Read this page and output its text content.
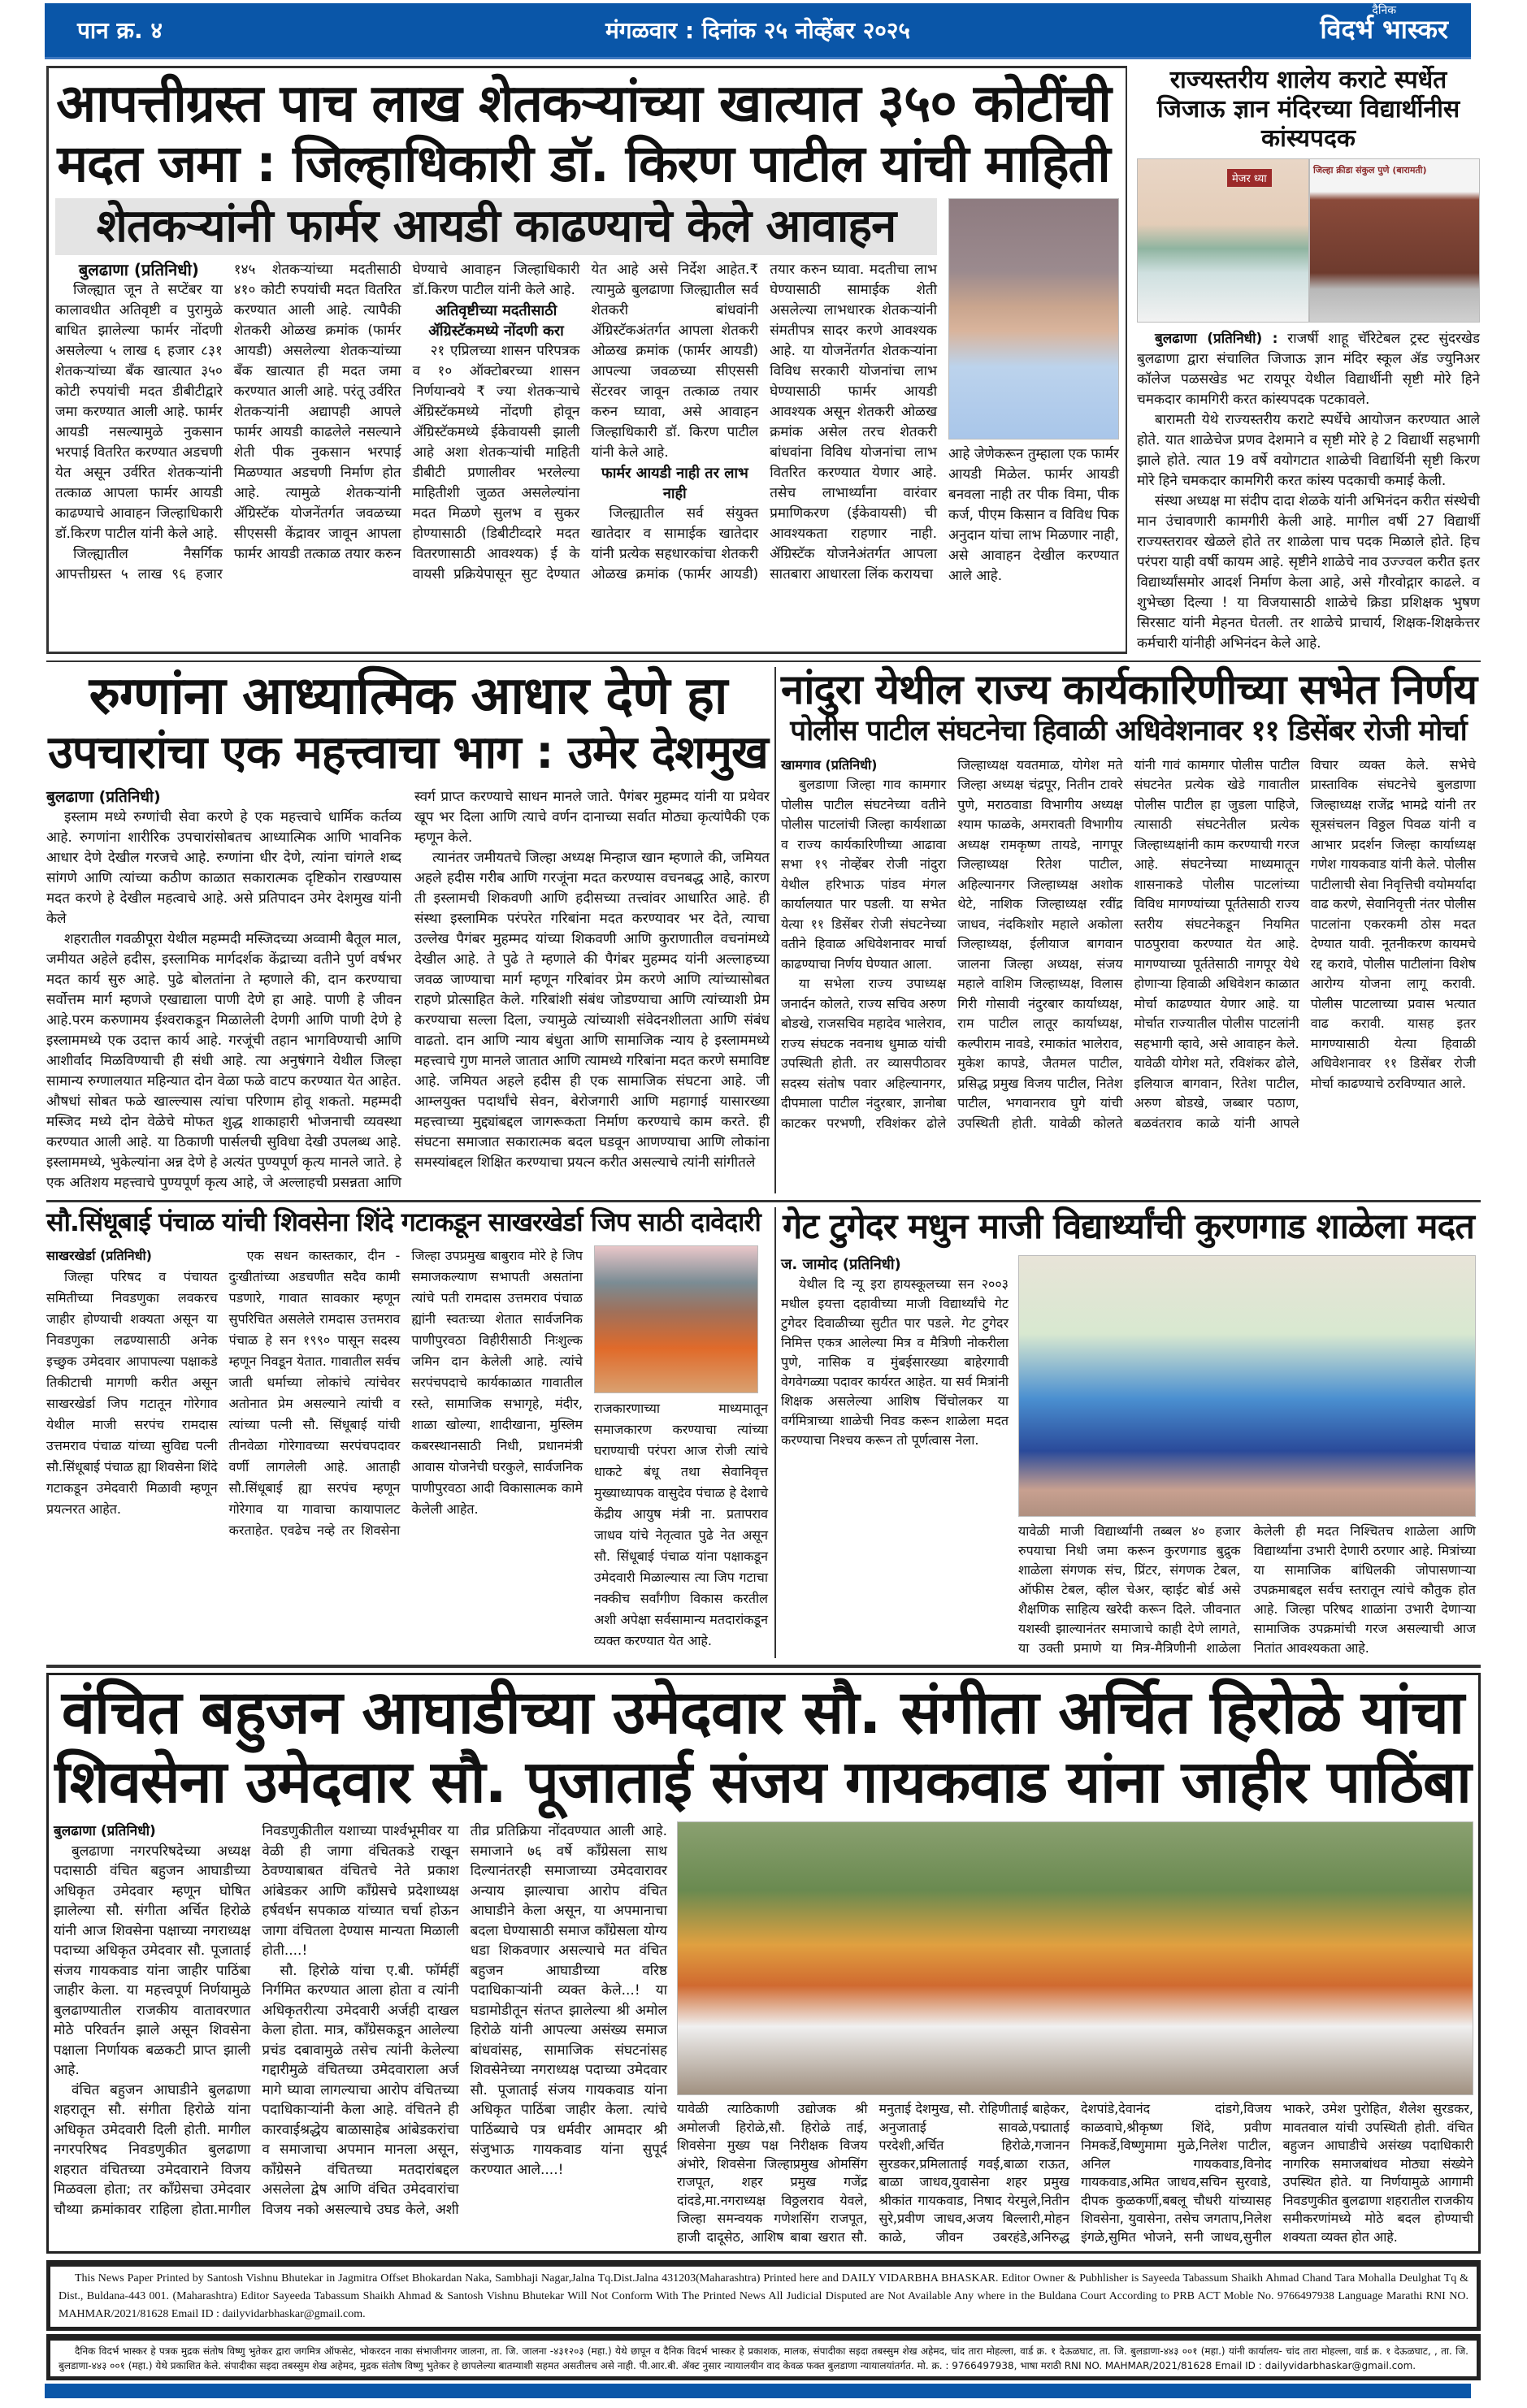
पान क्र. ४	मंगळवार : दिनांक २५ नोव्हेंबर २०२५
दैनिक
विदर्भ भास्कर
आपत्तीग्रस्त पाच लाख शेतकऱ्यांच्या खात्यात ३५० कोटींची
मदत जमा : जिल्हाधिकारी डॉ. किरण पाटील यांची माहिती
शेतकऱ्यांनी फार्मर आयडी काढण्याचे केले आवाहन

बुलढाणा (प्रतिनिधी)

जिल्ह्यात जून ते सप्टेंबर या कालावधीत अतिवृष्टी व पुरामुळे बाधित झालेल्या फार्मर नोंदणी असलेल्या ५ लाख ६ हजार ८३१ शेतकऱ्यांच्या बँक खात्यात ३५० कोटी रुपयांची मदत डीबीटीद्वारे जमा करण्यात आली आहे. फार्मर आयडी नसल्यामुळे नुकसान भरपाई वितरित करण्यात अडचणी येत असून उर्वरित शेतकऱ्यांनी तत्काळ आपला फार्मर आयडी काढण्याचे आवाहन जिल्हाधिकारी डॉ.किरण पाटील यांनी केले आहे.

जिल्ह्यातील नैसर्गिक आपत्तीग्रस्त ५ लाख ९६ हजार १४५ शेतकऱ्यांच्या मदतीसाठी ४१० कोटी रुपयांची मदत वितरित करण्यात आली आहे. त्यापैकी शेतकरी ओळख क्रमांक (फार्मर आयडी) असलेल्या शेतकऱ्यांच्या बँक खात्यात ही मदत जमा करण्यात आली आहे. परंतू उर्वरित शेतकऱ्यांनी अद्यापही आपले फार्मर आयडी काढलेले नसल्याने शेती पीक नुकसान भरपाई मिळण्यात अडचणी निर्माण होत आहे. त्यामुळे शेतकऱ्यांनी ॲग्रिस्टॅक योजनेंतर्गत जवळच्या सीएससी केंद्रावर जावून आपला फार्मर आयडी तत्काळ तयार करुन घेण्याचे आवाहन जिल्हाधिकारी डॉ.किरण पाटील यांनी केले आहे.

अतिवृष्टीच्या मदतीसाठी ॲग्रिस्टॅकमध्ये नोंदणी करा

२१ एप्रिलच्या शासन परिपत्रक व १० ऑक्टोबरच्या शासन निर्णयान्वये ₹ ज्या शेतकऱ्याचे ॲग्रिस्टॅकमध्ये नोंदणी होवून ॲग्रिस्टॅकमध्ये ईकेवायसी झाली आहे अशा शेतकऱ्यांची माहिती डीबीटी प्रणालीवर भरलेल्या माहितीशी जुळत असलेल्यांना मदत मिळणे सुलभ व सुकर होण्यासाठी (डिबीटीव्दारे मदत वितरणासाठी आवश्यक) ई के वायसी प्रक्रियेपासून सुट देण्यात येत आहे असे निर्देश आहेत.₹ त्यामुळे बुलढाणा जिल्ह्यातील सर्व शेतकरी बांधवांनी ॲग्रिस्टॅकअंतर्गत आपला शेतकरी ओळख क्रमांक (फार्मर आयडी) आपल्या जवळच्या सीएससी सेंटरवर जावून तत्काळ तयार करुन घ्यावा, असे आवाहन जिल्हाधिकारी डॉ. किरण पाटील यांनी केले आहे.

फार्मर आयडी नाही तर लाभ नाही

जिल्ह्यातील सर्व संयुक्त खातेदार व सामाईक खातेदार यांनी प्रत्येक सहधारकांचा शेतकरी ओळख क्रमांक (फार्मर आयडी) तयार करुन घ्यावा. मदतीचा लाभ घेण्यासाठी सामाईक शेती असलेल्या लाभधारक शेतकऱ्यांनी संमतीपत्र सादर करणे आवश्यक आहे. या योजनेंतर्गत शेतकऱ्यांना विविध सरकारी योजनांचा लाभ घेण्यासाठी फार्मर आयडी आवश्यक असून शेतकरी ओळख क्रमांक असेल तरच शेतकरी बांधवांना विविध योजनांचा लाभ वितरित करण्यात येणार आहे. तसेच लाभार्थ्यांना वारंवार प्रमाणिकरण (ईकेवायसी) ची आवश्यकता राहणार नाही. ॲग्रिस्टॅक योजनेअंतर्गत आपला सातबारा आधारला लिंक करायचा

आहे जेणेकरून तुम्हाला एक फार्मर आयडी मिळेल. फार्मर आयडी बनवला नाही तर पीक विमा, पीक कर्ज, पीएम किसान व विविध पिक अनुदान यांचा लाभ मिळणार नाही, असे आवाहन देखील करण्यात आले आहे.

राज्यस्तरीय शालेय कराटे स्पर्धेत जिजाऊ ज्ञान मंदिरच्या विद्यार्थीनीस कांस्यपदक
मेजर ध्या
जिल्हा क्रीडा संकुल पुणे (बारामती)

बुलढाणा (प्रतिनिधी) : राजर्षी शाहू चॅरिटेबल ट्रस्ट सुंदरखेड बुलढाणा द्वारा संचालित जिजाऊ ज्ञान मंदिर स्कूल ॲड ज्युनिअर कॉलेज पळसखेड भट रायपूर येथील विद्यार्थीनी सृष्टी मोरे हिने चमकदार कामगिरी करत कांस्यपदक पटकावले.

बारामती येथे राज्यस्तरीय कराटे स्पर्धेचे आयोजन करण्यात आले होते. यात शाळेचेज प्रणव देशमाने व सृष्टी मोरे हे 2 विद्यार्थी सहभागी झाले होते. त्यात 19 वर्षे वयोगटात शाळेची विद्यार्थिनी सृष्टी किरण मोरे हिने चमकदार कामगिरी करत कांस्य पदकाची कमाई केली.

संस्था अध्यक्ष मा संदीप दादा शेळके यांनी अभिनंदन करीत संस्थेची मान उंचावणारी कामगीरी केली आहे. मागील वर्षी 27 विद्यार्थी राज्यस्तरावर खेळले होते तर शाळेला पाच पदक मिळाले होते. हिच परंपरा याही वर्षी कायम आहे. सृष्टीने शाळेचे नाव उज्ज्वल करीत इतर विद्यार्थ्यांसमोर आदर्श निर्माण केला आहे, असे गौरवोद्गार काढले. व शुभेच्छा दिल्या ! या विजयासाठी शाळेचे क्रिडा प्रशिक्षक भुषण सिरसाट यांनी मेहनत घेतली. तर शाळेचे प्राचार्य, शिक्षक-शिक्षकेत्तर कर्मचारी यांनीही अभिनंदन केले आहे.

रुग्णांना आध्यात्मिक आधार देणे हा
उपचारांचा एक महत्त्वाचा भाग : उमेर देशमुख

बुलढाणा (प्रतिनिधी)

इस्लाम मध्ये रुग्णांची सेवा करणे हे एक महत्त्वाचे धार्मिक कर्तव्य आहे. रुगणांना शारीरिक उपचारांसोबतच आध्यात्मिक आणि भावनिक आधार देणे देखील गरजचे आहे. रुग्णांना धीर देणे, त्यांना चांगले शब्द सांगणे आणि त्यांच्या कठीण काळात सकारात्मक दृष्टिकोन राखण्यास मदत करणे हे देखील महत्वाचे आहे. असे प्रतिपादन उमेर देशमुख यांनी केले

शहरातील गवळीपूरा येथील महम्मदी मस्जिदच्या अव्वामी बैतूल माल, जमीयत अहेले हदीस, इस्लामिक मार्गदर्शक केंद्राच्या वतीने पुर्ण वर्षभर मदत कार्य सुरु आहे. पुढे बोलतांना ते म्हणाले की, दान करण्याचा सर्वोत्तम मार्ग म्हणजे एखाद्याला पाणी देणे हा आहे. पाणी हे जीवन आहे.परम करुणामय ईश्वराकडून मिळालेली देणगी आणि पाणी देणे हे इस्लाममध्ये एक उदात्त कार्य आहे. गरजूंची तहान भागविण्याची आणि आशीर्वाद मिळविण्याची ही संधी आहे. त्या अनुषंगाने येथील जिल्हा सामान्य रुग्णालयात महिन्यात दोन वेळा फळे वाटप करण्यात येत आहेत. औषधां सोबत फळे खाल्ल्यास त्यांचा परिणाम होवू शकतो. महम्मदी मस्जिद मध्ये दोन वेळेचे मोफत शुद्ध शाकाहारी भोजनाची व्यवस्था करण्यात आली आहे. या ठिकाणी पार्सलची सुविधा देखी उपलब्ध आहे. इस्लाममध्ये, भुकेल्यांना अन्न देणे हे अत्यंत पुण्यपूर्ण कृत्य मानले जाते. हे एक अतिशय महत्त्वाचे पुण्यपूर्ण कृत्य आहे, जे अल्लाहची प्रसन्नता आणि स्वर्ग प्राप्त करण्याचे साधन मानले जाते. पैगंबर मुहम्मद यांनी या प्रथेवर खूप भर दिला आणि त्याचे वर्णन दानाच्या सर्वात मोठ्या कृत्यांपैकी एक म्हणून केले.

त्यानंतर जमीयतचे जिल्हा अध्यक्ष मिन्हाज खान म्हणाले की, जमियत अहले हदीस गरीब आणि गरजूंना मदत करण्यास वचनबद्ध आहे, कारण ती इस्लामची शिकवणी आणि हदीसच्या तत्त्वांवर आधारित आहे. ही संस्था इस्लामिक परंपरेत गरिबांना मदत करण्यावर भर देते, त्याचा उल्लेख पैगंबर मुहम्मद यांच्या शिकवणी आणि कुराणातील वचनांमध्ये देखील आहे. ते पुढे ते म्हणाले की पैगंबर मुहम्मद यांनी अल्लाहच्या जवळ जाण्याचा मार्ग म्हणून गरिबांवर प्रेम करणे आणि त्यांच्यासोबत राहणे प्रोत्साहित केले. गरिबांशी संबंध जोडण्याचा आणि त्यांच्याशी प्रेम करण्याचा सल्ला दिला, ज्यामुळे त्यांच्याशी संवेदनशीलता आणि संबंध वाढतो. दान आणि न्याय बंधुता आणि सामाजिक न्याय हे इस्लाममध्ये महत्त्वाचे गुण मानले जातात आणि त्यामध्ये गरिबांना मदत करणे समाविष्ट आहे. जमियत अहले हदीस ही एक सामाजिक संघटना आहे. जी आम्लयुक्त पदार्थांचे सेवन, बेरोजगारी आणि महागाई यासारख्या महत्त्वाच्या मुद्द्यांबद्दल जागरूकता निर्माण करण्याचे काम करते. ही संघटना समाजात सकारात्मक बदल घडवून आणण्याचा आणि लोकांना समस्यांबद्दल शिक्षित करण्याचा प्रयत्न करीत असल्याचे त्यांनी सांगीतले

नांदुरा येथील राज्य कार्यकारिणीच्या सभेत निर्णय
पोलीस पाटील संघटनेचा हिवाळी अधिवेशनावर ११ डिसेंबर रोजी मोर्चा

खामगाव (प्रतिनिधी)

बुलडाणा जिल्हा गाव कामगार पोलीस पाटील संघटनेच्या वतीने पोलीस पाटलांची जिल्हा कार्यशाळा व राज्य कार्यकारिणीच्या आढावा सभा १९ नोव्हेंबर रोजी नांदुरा येथील हरिभाऊ पांडव मंगल कार्यालयात पार पडली. या सभेत येत्या ११ डिसेंबर रोजी संघटनेच्या वतीने हिवाळ अधिवेशनावर मार्चा काढण्याचा निर्णय घेण्यात आला.

या सभेला राज्य उपाध्यक्ष जनार्दन कोलते, राज्य सचिव अरुण बोडखे, राजसचिव महादेव भालेराव, राज्य संघटक नवनाथ धुमाळ यांची उपस्थिती होती. तर व्यासपीठावर सदस्य संतोष पवार अहिल्यानगर, दीपमाला पाटील नंदुरबार, ज्ञानोबा काटकर परभणी, रविशंकर ढोले जिल्हाध्यक्ष यवतमाळ, योगेश मते जिल्हा अध्यक्ष चंद्रपूर, नितीन टावरे पुणे, मराठवाडा विभागीय अध्यक्ष श्याम फाळके, अमरावती विभागीय अध्यक्ष रामकृष्ण तायडे, नागपूर जिल्हाध्यक्ष रितेश पाटील, अहिल्यानगर जिल्हाध्यक्ष अशोक थेटे, नाशिक जिल्हाध्यक्ष रवींद्र जाधव, नंदकिशोर महाले अकोला जिल्हाध्यक्ष, ईलीयाज बागवान जालना जिल्हा अध्यक्ष, संजय महाले वाशिम जिल्हाध्यक्ष, विलास गिरी गोसावी नंदुरबार कार्याध्यक्ष, राम पाटील लातूर कार्याध्यक्ष, कल्पीराम नावडे, रमाकांत भालेराव, मुकेश कापडे, जैतमल पाटील, प्रसिद्ध प्रमुख विजय पाटील, नितेश पाटील, भगवानराव घुगे यांची उपस्थिती होती. यावेळी कोलते यांनी गावं कामगार पोलीस पाटील संघटनेत प्रत्येक खेडे गावातील पोलीस पाटील हा जुडला पाहिजे, त्यासाठी संघटनेतील प्रत्येक जिल्हाध्यक्षांनी काम करण्याची गरज आहे. संघटनेच्या माध्यमातून शासनाकडे पोलीस पाटलांच्या विविध मागण्यांच्या पूर्ततेसाठी राज्य स्तरीय संघटनेकडून नियमित पाठपुरावा करण्यात येत आहे. मागण्याच्या पूर्ततेसाठी नागपूर येथे होणाऱ्या हिवाळी अधिवेशन काळात मोर्चा काढण्यात येणार आहे. या मोर्चात राज्यातील पोलीस पाटलांनी सहभागी व्हावे, असे आवाहन केले. यावेळी योगेश मते, रविशंकर ढोले, इलियाज बागवान, रितेश पाटील, अरुण बोडखे, जब्बार पठाण, बळवंतराव काळे यांनी आपले विचार व्यक्त केले. सभेचे प्रास्ताविक संघटनेचे बुलडाणा जिल्हाध्यक्ष राजेंद्र भामद्रे यांनी तर सूत्रसंचलन विठ्ठल पिवळ यांनी व आभार प्रदर्शन जिल्हा कार्याध्यक्ष गणेश गायकवाड यांनी केले. पोलीस पाटीलाची सेवा निवृत्तिची वयोमर्यादा वाढ करणे, सेवानिवृत्ती नंतर पोलीस पाटलांना एकरकमी ठोस मदत देण्यात यावी. नूतनीकरण कायमचे रद्द करावे, पोलीस पाटीलांना विशेष आरोग्य योजना लागू करावी. पोलीस पाटलाच्या प्रवास भत्यात वाढ करावी. यासह इतर मागण्यासाठी येत्या हिवाळी अधिवेशनावर ११ डिसेंबर रोजी मोर्चा काढण्याचे ठरविण्यात आले.

सौ.सिंधूबाई पंचाळ यांची शिवसेना शिंदे गटाकडून साखरखेर्डा जिप साठी दावेदारी

साखरखेर्डा (प्रतिनिधी)

जिल्हा परिषद व पंचायत समितीच्या निवडणुका लवकरच जाहीर होण्याची शक्यता असून या निवडणुका लढण्यासाठी अनेक इच्छुक उमेदवार आपापल्या पक्षाकडे तिकीटाची मागणी करीत असून साखरखेर्डा जिप गटातून गोरेगाव येथील माजी सरपंच रामदास उत्तमराव पंचाळ यांच्या सुविद्य पत्नी सौ.सिंधूबाई पंचाळ ह्या शिवसेना शिंदे गटाकडून उमेदवारी मिळावी म्हणून प्रयत्नरत आहेत.

एक सधन कास्तकार, दीन - दुःखीतांच्या अडचणीत सदैव कामी पडणारे, गावात सावकार म्हणून सुपरिचित असलेले रामदास उत्तमराव पंचाळ हे सन १९९० पासून सदस्य म्हणून निवडून येतात. गावातील सर्वच जाती धर्माच्या लोकांचे त्यांचेवर अतोनात प्रेम असल्याने त्यांची व त्यांच्या पत्नी सौ. सिंधूबाई यांची तीनवेळा गोरेगावच्या सरपंचपदावर वर्णी लागलेली आहे. आताही सौ.सिंधूबाई ह्या सरपंच म्हणून गोरेगाव या गावाचा कायापालट करताहेत. एवढेच नव्हे तर शिवसेना जिल्हा उपप्रमुख बाबुराव मोरे हे जिप समाजकल्याण सभापती असतांना त्यांचे पती रामदास उत्तमराव पंचाळ ह्यांनी स्वतःच्या शेतात सार्वजनिक पाणीपुरवठा विहीरीसाठी निःशुल्क जमिन दान केलेली आहे. त्यांचे सरपंचपदाचे कार्यकाळात गावातील रस्ते, सामाजिक सभागृहे, मंदीर, शाळा खोल्या, शादीखाना, मुस्लिम कबरस्थानसाठी निधी, प्रधानमंत्री आवास योजनेची घरकुले, सार्वजनिक पाणीपुरवठा आदी विकासात्मक कामे केलेली आहेत.

राजकारणाच्या माध्यमातून समाजकारण करण्याचा त्यांच्या घराण्याची परंपरा आज रोजी त्यांचे धाकटे बंधू तथा सेवानिवृत्त मुख्याध्यापक वासुदेव पंचाळ हे देशाचे केंद्रीय आयुष मंत्री ना. प्रतापराव जाधव यांचे नेतृत्वात पुढे नेत असून सौ. सिंधूबाई पंचाळ यांना पक्षाकडून उमेदवारी मिळाल्यास त्या जिप गटाचा नक्कीच सर्वांगीण विकास करतील अशी अपेक्षा सर्वसामान्य मतदारांकडून व्यक्त करण्यात येत आहे.

गेट टुगेदर मधुन माजी विद्यार्थ्यांची कुरणगाड शाळेला मदत

ज. जामोद (प्रतिनिधी)

येथील दि न्यू इरा हायस्कूलच्या सन २००३ मधील इयत्ता दहावीच्या माजी विद्यार्थ्यांचे गेट टुगेदर दिवाळीच्या सुटीत पार पडले. गेट टुगेदर निमित्त एकत्र आलेल्या मित्र व मैत्रिणी नोकरीला पुणे, नासिक व मुंबईसारख्या बाहेरगावी वेगवेगळ्या पदावर कार्यरत आहेत. या सर्व मित्रांनी शिक्षक असलेल्या आशिष चिंचोलकर या वर्गमित्राच्या शाळेची निवड करून शाळेला मदत करण्याचा निश्चय करून तो पूर्णत्वास नेला.

यावेळी माजी विद्यार्थ्यांनी तब्बल ४० हजार रुपयाचा निधी जमा करून कुरणगाड बुद्रुक शाळेला संगणक संच, प्रिंटर, संगणक टेबल, ऑफीस टेबल, व्हील चेअर, व्हाईट बोर्ड असे शैक्षणिक साहित्य खरेदी करून दिले. जीवनात यशस्वी झाल्यानंतर समाजाचे काही देणे लागते, या उक्ती प्रमाणे या मित्र-मैत्रिणीनी शाळेला केलेली ही मदत निश्चितच शाळेला आणि विद्यार्थ्यांना उभारी देणारी ठरणार आहे. मित्रांच्या या सामाजिक बांधिलकी जोपासणाऱ्या उपक्रमाबद्दल सर्वच स्तरातून त्यांचे कौतुक होत आहे. जिल्हा परिषद शाळांना उभारी देणाऱ्या सामाजिक उपक्रमांची गरज असल्याची आज नितांत आवश्यकता आहे.

वंचित बहुजन आघाडीच्या उमेदवार सौ. संगीता अर्चित हिरोळे यांचा
शिवसेना उमेदवार सौ. पूजाताई संजय गायकवाड यांना जाहीर पाठिंबा

बुलढाणा (प्रतिनिधी)

बुलढाणा नगरपरिषदेच्या अध्यक्ष पदासाठी वंचित बहुजन आघाडीच्या अधिकृत उमेदवार म्हणून घोषित झालेल्या सौ. संगीता अर्चित हिरोळे यांनी आज शिवसेना पक्षाच्या नगराध्यक्ष पदाच्या अधिकृत उमेदवार सौ. पूजाताई संजय गायकवाड यांना जाहीर पाठिंबा जाहीर केला. या महत्त्वपूर्ण निर्णयामुळे बुलढाण्यातील राजकीय वातावरणात मोठे परिवर्तन झाले असून शिवसेना पक्षाला निर्णायक बळकटी प्राप्त झाली आहे.

वंचित बहुजन आघाडीने बुलढाणा शहरातून सौ. संगीता हिरोळे यांना अधिकृत उमेदवारी दिली होती. मागील नगरपरिषद निवडणुकीत बुलढाणा शहरात वंचितच्या उमेदवाराने विजय मिळवला होता; तर काँग्रेसचा उमेदवार चौथ्या क्रमांकावर राहिला होता.मागील निवडणुकीतील यशाच्या पार्श्वभूमीवर या वेळी ही जागा वंचितकडे राखून ठेवण्याबाबत वंचितचे नेते प्रकाश आंबेडकर आणि काँग्रेसचे प्रदेशाध्यक्ष हर्षवर्धन सपकाळ यांच्यात चर्चा होऊन जागा वंचितला देण्यास मान्यता मिळाली होती....!

सौ. हिरोळे यांचा ए.बी. फॉर्महीं निर्गमित करण्यात आला होता व त्यांनी अधिकृतरीत्या उमेदवारी अर्जही दाखल केला होता. मात्र, काँग्रेसकडून आलेल्या प्रचंड दबावामुळे तसेच त्यांनी केलेल्या गद्दारीमुळे वंचितच्या उमेदवाराला अर्ज मागे घ्यावा लागल्याचा आरोप वंचितच्या पदाधिकाऱ्यांनी केला आहे. वंचितने ही कारवाईश्रद्धेय बाळासाहेब आंबेडकरांचा व समाजाचा अपमान मानला असून, काँग्रेसने वंचितच्या मतदारांबद्दल असलेला द्वेष आणि वंचित उमेदवारांचा विजय नको असल्याचे उघड केले, अशी तीव्र प्रतिक्रिया नोंदवण्यात आली आहे. समाजाने ७६ वर्षे काँग्रेसला साथ दिल्यानंतरही समाजाच्या उमेदवारावर अन्याय झाल्याचा आरोप वंचित आघाडीने केला असून, या अपमानाचा बदला घेण्यासाठी समाज काँग्रेसला योग्य धडा शिकवणार असल्याचे मत वंचित बहुजन आघाडीच्या वरिष्ठ पदाधिकाऱ्यांनी व्यक्त केले...! या घडामोडीतून संतप्त झालेल्या श्री अमोल हिरोळे यांनी आपल्या असंख्य समाज बांधवांसह, सामाजिक संघटनांसह शिवसेनेच्या नगराध्यक्ष पदाच्या उमेदवार सौ. पूजाताई संजय गायकवाड यांना अधिकृत पाठिंबा जाहीर केला. त्यांचे पाठिंब्याचे पत्र धर्मवीर आमदार श्री संजुभाऊ गायकवाड यांना सुपूर्द करण्यात आले....!

यावेळी त्याठिकाणी उद्योजक श्री अमोलजी हिरोळे,सौ. हिरोळे ताई, शिवसेना मुख्य पक्ष निरीक्षक विजय अंभोरे, शिवसेना जिल्हाप्रमुख ओमसिंग राजपूत, शहर प्रमुख गजेंद्र दांदडे,मा.नगराध्यक्ष विठ्ठलराव येवले, जिल्हा समन्वयक गणेशसिंग राजपूत, हाजी दादूसेठ, आशिष बाबा खरात सौ. मनुताई देशमुख, सौ. रोहिणीताई बाहेकर, अनुजाताई सावळे,पद्माताई परदेशी,अर्चित हिरोळे,गजानन सुरडकर,प्रमिलाताई गवई,बाळा राऊत, बाळा जाधव,युवासेना शहर प्रमुख श्रीकांत गायकवाड, निषाद येरमुले,नितीन सुरे,प्रवीण जाधव,अजय बिल्लारी,मोहन काळे, जीवन उबरहंडे,अनिरुद्ध देशपांडे,देवानंद दांडगे,विजय काळवाघे,श्रीकृष्ण शिंदे, प्रवीण निमकर्डे,विष्णुमामा मुळे,निलेश पाटील, अनिल गायकवाड,विनोद गायकवाड,अमित जाधव,सचिन सुरवाडे, दीपक कुळकर्णी,बबलू चौधरी यांच्यासह शिवसेना, युवासेना, तसेच जगताप,निलेश इंगळे,सुमित भोजने, सनी जाधव,सुनील भाकरे, उमेश पुरोहित, शैलेश सुरडकर, मावतवाल यांची उपस्थिती होती. वंचित बहुजन आघाडीचे असंख्य पदाधिकारी नागरिक समाजबांधव मोठ्या संख्येने उपस्थित होते. या निर्णयामुळे आगामी निवडणुकीत बुलढाणा शहरातील राजकीय समीकरणांमध्ये मोठे बदल होण्याची शक्यता व्यक्त होत आहे.

This News Paper Printed by Santosh Vishnu Bhutekar in Jagmitra Offset Bhokardan Naka, Sambhaji Nagar,Jalna Tq.Dist.Jalna 431203(Maharashtra) Printed here and DAILY VIDARBHA BHASKAR. Editor Owner & Pubhlisher is Sayeeda Tabassum Shaikh Ahmad Chand Tara Mohalla Deulghat Tq & Dist., Buldana-443 001. (Maharashtra) Editor Sayeeda Tabassum Shaikh Ahmad & Santosh Vishnu Bhutekar Will Not Conform With The Printed News All Judicial Disputed are Not Available Any where in the Buldana Court According to PRB ACT Moble No. 9766497938 Language Marathi RNI NO. MAHMAR/2021/81628 Email ID : dailyvidarbhaskar@gmail.com.

दैनिक विदर्भ भास्कर हे पत्रक मुद्रक संतोष विष्णु भुतेकर द्वारा जगमित्र ऑफसेट, भोकरदन नाका संभाजीनगर जालना, ता. जि. जालना -४३१२०३ (महा.) येथे छापून व दैनिक विदर्भ भास्कर हे प्रकाशक, मालक, संपादीका सइदा तबस्सुम शेख अहेमद, चांद तारा मोहल्ला, वार्ड क्र. १ देऊळघाट, ता. जि. बुलडाणा-४४३ ००१ (महा.) यांनी कार्यालय- चांद तारा मोहल्ला, वार्ड क्र. १ देऊळघाट, , ता. जि. बुलडाणा-४४३ ००१ (महा.) येथे प्रकाशित केले. संपादीका सइदा तबस्सुम शेख अहेमद, मुद्रक संतोष विष्णु भुतेकर हे छापलेल्या बातम्याशी सहमत असतीलच असे नाही. पी.आर.बी. ॲक्ट नुसार न्यायालयीन वाद केवळ फक्त बुलडाणा न्यायालयांतर्गत. मो. क्र. : 9766497938, भाषा मराठी RNI NO. MAHMAR/2021/81628 Email ID : dailyvidarbhaskar@gmail.com.
